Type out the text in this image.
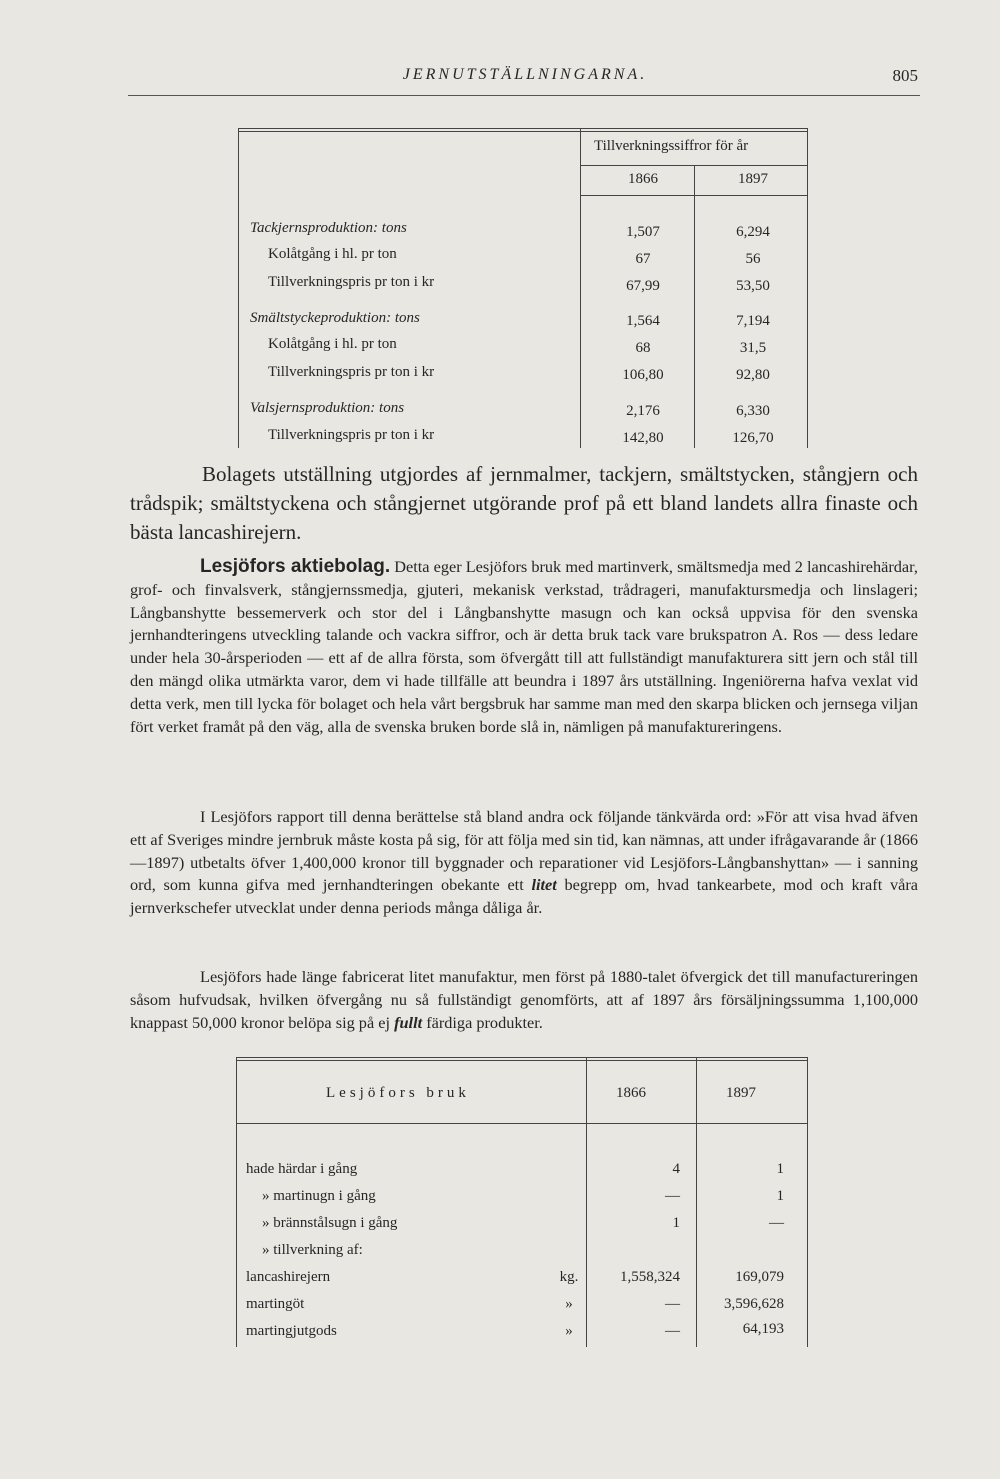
JERNUTSTÄLLNINGARNA.	805
Tillverkningssiffror för år
1866	1897
Tackjernsproduktion: tons	1,507	6,294
Kolåtgång i hl. pr ton	67	56
Tillverkningspris pr ton i kr	67,99	53,50
Smältstyckeproduktion: tons	1,564	7,194
Kolåtgång i hl. pr ton	68	31,5
Tillverkningspris pr ton i kr	106,80	92,80
Valsjernsproduktion: tons	2,176	6,330
Tillverkningspris pr ton i kr	142,80	126,70
Bolagets utställning utgjordes af jernmalmer, tackjern, smältstycken, stångjern och trådspik; smältstyckena och stångjernet utgörande prof på ett bland landets allra finaste och bästa lancashirejern.
Lesjöfors aktiebolag. Detta eger Lesjöfors bruk med martinverk, smältsmedja med 2 lancashirehärdar, grof- och finvalsverk, stångjernssmedja, gjuteri, mekanisk verkstad, trådragerі, manufaktursmedja och linslageri; Långbanshytte bessemerverk och stor del i Långbanshytte masugn och kan också uppvisa för den svenska jernhandteringens utveckling talande och vackra siffror, och är detta bruk tack vare brukspatron A. Ros — dess ledare under hela 30-årsperioden — ett af de allra första, som öfvergått till att fullständigt manufakturera sitt jern och stål till den mängd olika utmärkta varor, dem vi hade tillfälle att beundra i 1897 års utställning. Ingeniörerna hafva vexlat vid detta verk, men till lycka för bolaget och hela vårt bergsbruk har samme man med den skarpa blicken och jernsega viljan fört verket framåt på den väg, alla de svenska bruken borde slå in, nämligen på manufaktureringens.
I Lesjöfors rapport till denna berättelse stå bland andra ock följande tänkvärda ord: »För att visa hvad äfven ett af Sveriges mindre jernbruk måste kosta på sig, för att följa med sin tid, kan nämnas, att under ifrågavarande år (1866—1897) utbetalts öfver 1,400,000 kronor till byggnader och reparationer vid Lesjöfors-Långbanshyttan» — i sanning ord, som kunna gifva med jernhandteringen obekante ett litet begrepp om, hvad tankearbete, mod och kraft våra jernverkschefer utvecklat under denna periods många dåliga år.
Lesjöfors hade länge fabricerat litet manufaktur, men först på 1880-talet öfvergick det till manufactureringen såsom hufvudsak, hvilken öfvergång nu så fullständigt genomförts, att af 1897 års försäljningssumma 1,100,000 knappast 50,000 kronor belöpa sig på ej fullt färdiga produkter.
Lesjöfors bruk	1866	1897
hade härdar i gång	4	1
» martinugn i gång	—	1
» brännstålsugn i gång	1	—
» tillverkning af:
lancashirejern	kg.	1,558,324	169,079
martingöt	»	—	3,596,628
martingjutgods	»	—	64,193
